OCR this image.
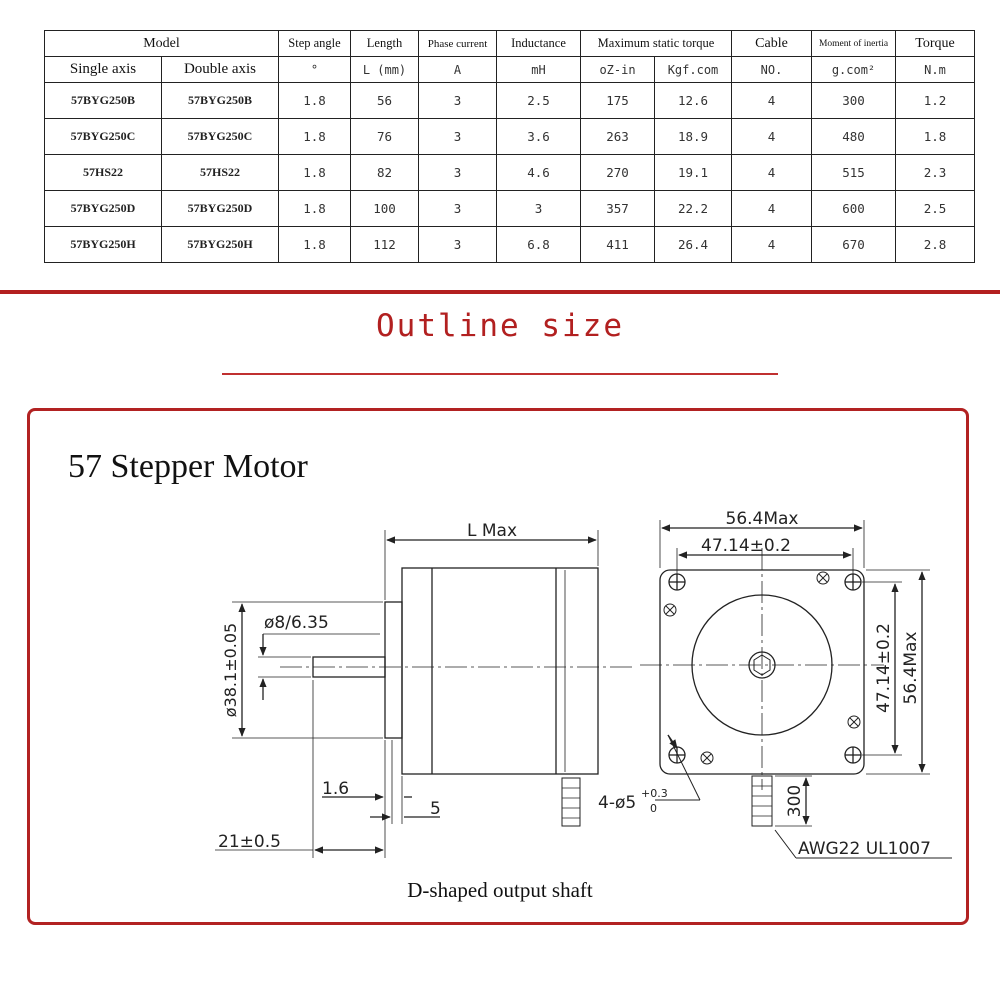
Model		Step angle	Length	Phase current	Inductance	Maximum static torque		Cable	Moment of inertia	Torque
Single axis	Double axis	°	L (mm)	A	mH	oZ-in	Kgf.com	NO.	g.com²	N.m
57BYG250B	57BYG250B	1.8	56	3	2.5	175	12.6	4	300	1.2
57BYG250C	57BYG250C	1.8	76	3	3.6	263	18.9	4	480	1.8
57HS22	57HS22	1.8	82	3	4.6	270	19.1	4	515	2.3
57BYG250D	57BYG250D	1.8	100	3	3	357	22.2	4	600	2.5
57BYG250H	57BYG250H	1.8	112	3	6.8	411	26.4	4	670	2.8
Outline size
57 Stepper Motor
L Max
ø8/6.35
ø38.1±0.05
1.6
5
21±0.5
56.4Max
47.14±0.2
47.14±0.2 56.4Max
4-ø5 +0.3
0	300
AWG22 UL1007
D-shaped output shaft
